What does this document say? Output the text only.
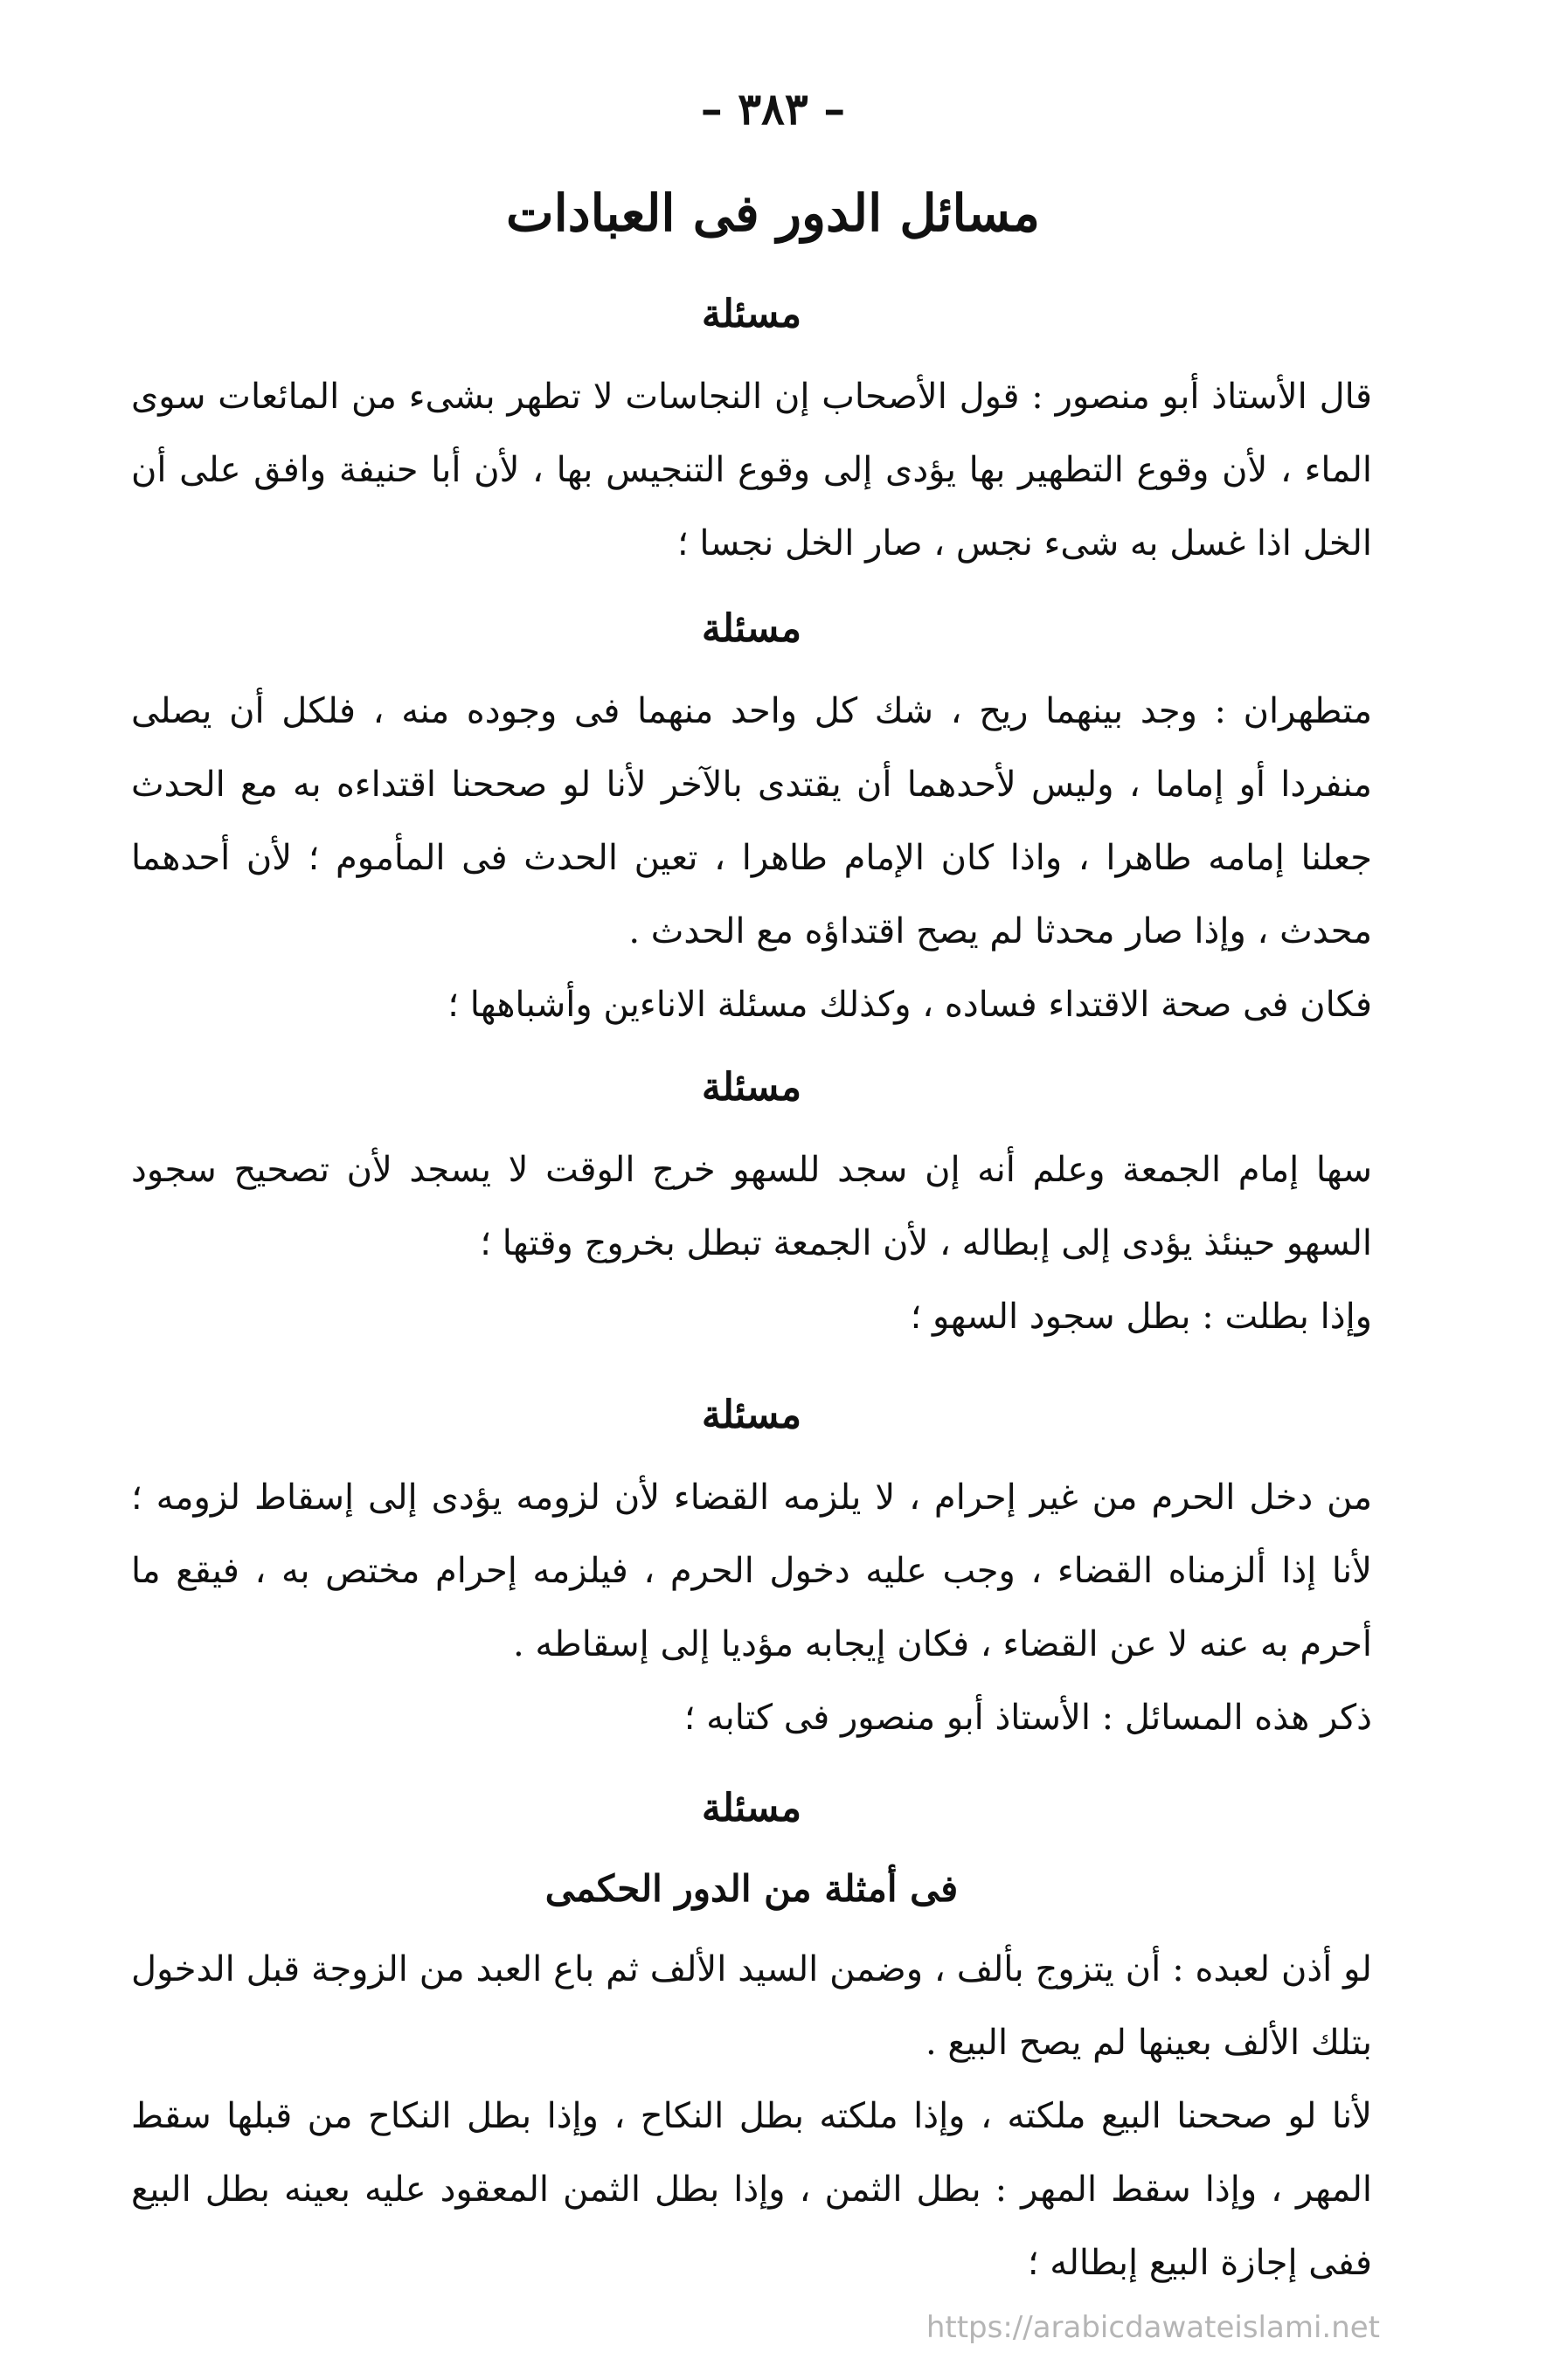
– ٣٨٣ –
مسائل الدور فى العبادات
مسئلة

قال الأستاذ أبو منصور : قول الأصحاب إن النجاسات لا تطهر بشىء من المائعات سوى الماء ، لأن وقوع التطهير بها يؤدى إلى وقوع التنجيس بها ، لأن أبا حنيفة وافق على أن الخل اذا غسل به شىء نجس ، صار الخل نجسا ؛

مسئلة

متطهران : وجد بينهما ريح ، شك كل واحد منهما فى وجوده منه ، فلكل أن يصلى منفردا أو إماما ، وليس لأحدهما أن يقتدى بالآخر لأنا لو صححنا اقتداءه به مع الحدث جعلنا إمامه طاهرا ، واذا كان الإمام طاهرا ، تعين الحدث فى المأموم ؛ لأن أحدهما محدث ، وإذا صار محدثا لم يصح اقتداؤه مع الحدث .

فكان فى صحة الاقتداء فساده ، وكذلك مسئلة الاناءين وأشباهها ؛

مسئلة

سها إمام الجمعة وعلم أنه إن سجد للسهو خرج الوقت لا يسجد لأن تصحيح سجود السهو حينئذ يؤدى إلى إبطاله ، لأن الجمعة تبطل بخروج وقتها ؛

وإذا بطلت : بطل سجود السهو ؛

مسئلة

من دخل الحرم من غير إحرام ، لا يلزمه القضاء لأن لزومه يؤدى إلى إسقاط لزومه ؛ لأنا إذا ألزمناه القضاء ، وجب عليه دخول الحرم ، فيلزمه إحرام مختص به ، فيقع ما أحرم به عنه لا عن القضاء ، فكان إيجابه مؤديا إلى إسقاطه .

ذكر هذه المسائل : الأستاذ أبو منصور فى كتابه ؛

مسئلة
فى أمثلة من الدور الحكمى

لو أذن لعبده : أن يتزوج بألف ، وضمن السيد الألف ثم باع العبد من الزوجة قبل الدخول بتلك الألف بعينها لم يصح البيع .

لأنا لو صححنا البيع ملكته ، وإذا ملكته بطل النكاح ، وإذا بطل النكاح من قبلها سقط المهر ، وإذا سقط المهر : بطل الثمن ، وإذا بطل الثمن المعقود عليه بعينه بطل البيع ففى إجازة البيع إبطاله ؛

https://arabicdawateislami.net
